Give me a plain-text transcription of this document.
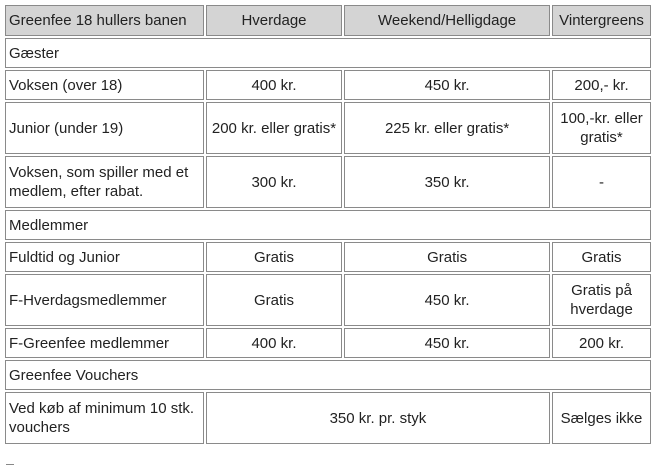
Greenfee 18 hullers banen	Hverdage	Weekend/Helligdage	Vintergreens
Gæster			
Voksen (over 18)	400 kr.	450 kr.	200,- kr.
Junior (under 19)	200 kr. eller gratis*	225 kr. eller gratis*	100,-kr. eller gratis*
Voksen, som spiller med et medlem, efter rabat.	300 kr.	350 kr.	-
Medlemmer			
Fuldtid og Junior	Gratis	Gratis	Gratis
F-Hverdagsmedlemmer	Gratis	450 kr.	Gratis på hverdage
F-Greenfee medlemmer	400 kr.	450 kr.	200 kr.
Greenfee Vouchers			
Ved køb af minimum 10 stk. vouchers	350 kr. pr. styk		Sælges ikke
